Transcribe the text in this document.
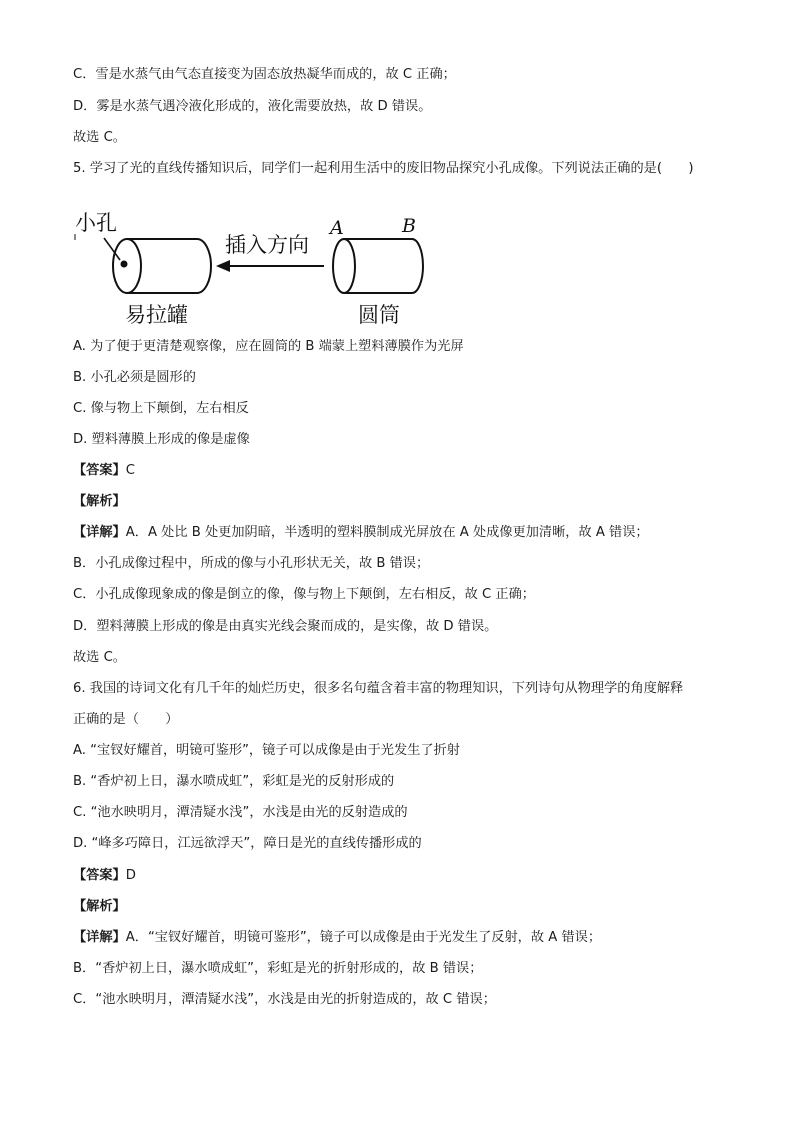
C．雪是水蒸气由气态直接变为固态放热凝华而成的，故 C 正确；
D．雾是水蒸气遇冷液化形成的，液化需要放热，故 D 错误。
故选 C。
5. 学习了光的直线传播知识后，同学们一起利用生活中的废旧物品探究小孔成像。下列说法正确的是(　　)
小孔
插入方向
A	B
易拉罐	圆筒
A. 为了便于更清楚观察像，应在圆筒的 B 端蒙上塑料薄膜作为光屏
B. 小孔必须是圆形的
C. 像与物上下颠倒，左右相反
D. 塑料薄膜上形成的像是虚像
【答案】C
【解析】
【详解】A．A 处比 B 处更加阴暗，半透明的塑料膜制成光屏放在 A 处成像更加清晰，故 A 错误；
B．小孔成像过程中，所成的像与小孔形状无关，故 B 错误；
C．小孔成像现象成的像是倒立的像，像与物上下颠倒，左右相反，故 C 正确；
D．塑料薄膜上形成的像是由真实光线会聚而成的，是实像，故 D 错误。
故选 C。
6. 我国的诗词文化有几千年的灿烂历史，很多名句蕴含着丰富的物理知识，下列诗句从物理学的角度解释
正确的是（　　）
A. “宝钗好耀首，明镜可鉴形”，镜子可以成像是由于光发生了折射
B. “香炉初上日，瀑水喷成虹”，彩虹是光的反射形成的
C. “池水映明月，潭清疑水浅”，水浅是由光的反射造成的
D. “峰多巧障日，江远欲浮天”，障日是光的直线传播形成的
【答案】D
【解析】
【详解】A．“宝钗好耀首，明镜可鉴形”，镜子可以成像是由于光发生了反射，故 A 错误；
B．“香炉初上日，瀑水喷成虹”，彩虹是光的折射形成的，故 B 错误；
C．“池水映明月，潭清疑水浅”，水浅是由光的折射造成的，故 C 错误；
